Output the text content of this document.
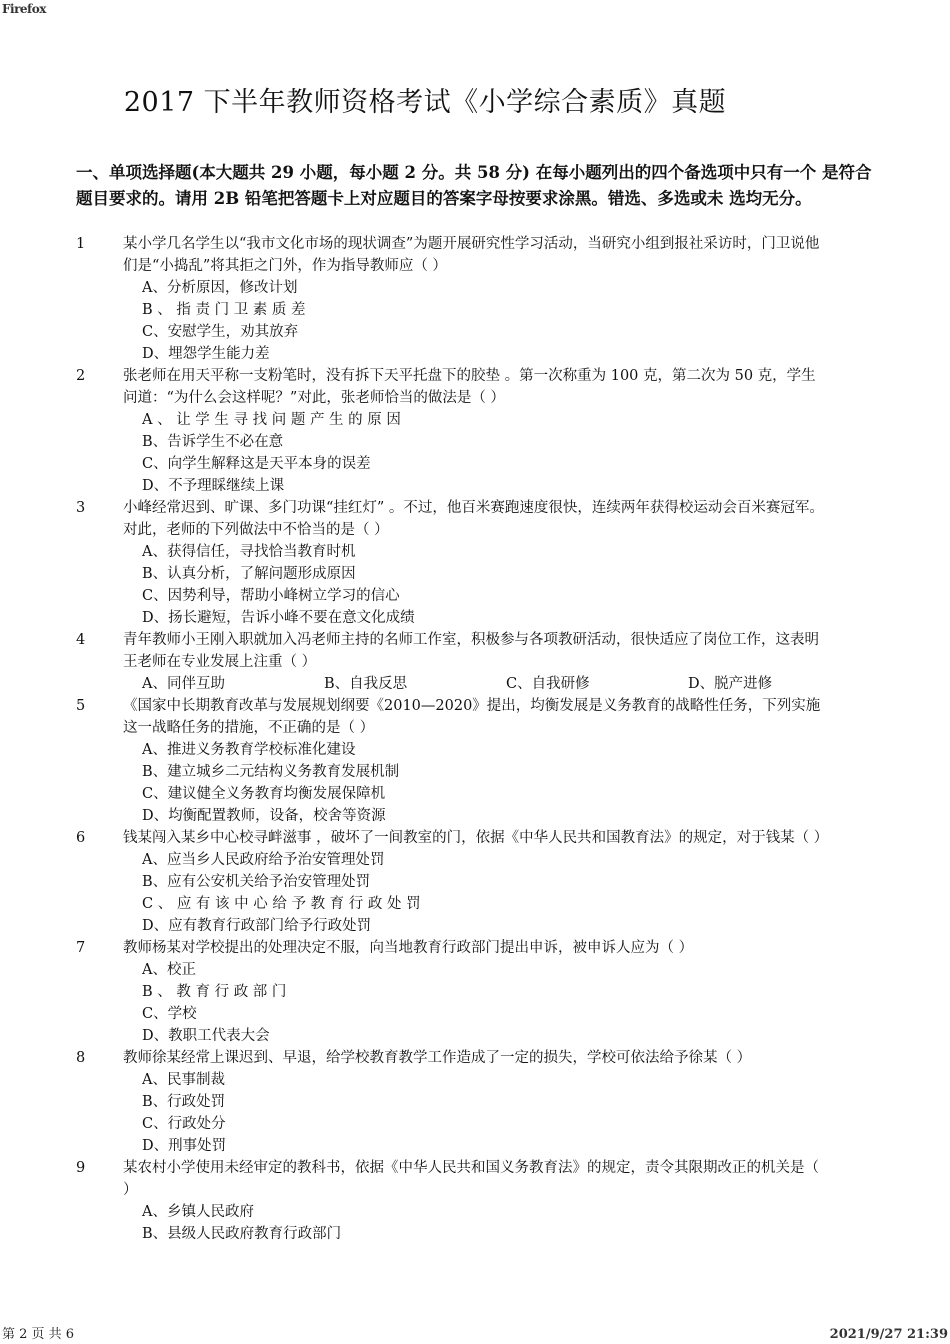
Firefox
2017 下半年教师资格考试《小学综合素质》真题
一、单项选择题(本大题共 29 小题，每小题 2 分。共 58 分) 在每小题列出的四个备选项中只有一个 是符合题目要求的。请用 2B 铅笔把答题卡上对应题目的答案字母按要求涂黑。错选、多选或未 选均无分。
1	某小学几名学生以“我市文化市场的现状调查”为题开展研究性学习活动，当研究小组到报社采访时，门卫说他们是“小捣乱”将其拒之门外，作为指导教师应（ ）
A、分析原因，修改计划
B 、 指 责 门 卫 素 质 差
C、安慰学生，劝其放弃
D、埋怨学生能力差
2	张老师在用天平称一支粉笔时，没有拆下天平托盘下的胶垫 。第一次称重为 100 克，第二次为 50 克，学生问道：“为什么会这样呢？”对此，张老师恰当的做法是（ ）
A 、 让 学 生 寻 找 问 题 产 生 的 原 因
B、告诉学生不必在意
C、向学生解释这是天平本身的误差
D、不予理睬继续上课
3	小峰经常迟到、旷课、多门功课“挂红灯” 。不过，他百米赛跑速度很快，连续两年获得校运动会百米赛冠军。对此，老师的下列做法中不恰当的是（ ）
A、获得信任，寻找恰当教育时机
B、认真分析，了解问题形成原因
C、因势利导，帮助小峰树立学习的信心
D、扬长避短，告诉小峰不要在意文化成绩
4	青年教师小王刚入职就加入冯老师主持的名师工作室，积极参与各项教研活动，很快适应了岗位工作，这表明王老师在专业发展上注重（ ）
A、同伴互助	B、自我反思	C、自我研修	D、脱产进修
5	《国家中长期教育改革与发展规划纲要《2010—2020》提出，均衡发展是义务教育的战略性任务，下列实施这一战略任务的措施，不正确的是（ ）
A、推进义务教育学校标准化建设
B、建立城乡二元结构义务教育发展机制
C、建议健全义务教育均衡发展保障机
D、均衡配置教师，设备，校舍等资源
6	钱某闯入某乡中心校寻衅滋事 ，破坏了一间教室的门，依据《中华人民共和国教育法》的规定，对于钱某（ ）
A、应当乡人民政府给予治安管理处罚
B、应有公安机关给予治安管理处罚
C 、 应 有 该 中 心 给 予 教 育 行 政 处 罚
D、应有教育行政部门给予行政处罚
7	教师杨某对学校提出的处理决定不服，向当地教育行政部门提出申诉，被申诉人应为（ ）
A、校正
B 、 教 育 行 政 部 门
C、学校
D、教职工代表大会
8	教师徐某经常上课迟到、早退，给学校教育教学工作造成了一定的损失，学校可依法给予徐某（ ）
A、民事制裁
B、行政处罚
C、行政处分
D、刑事处罚
9	某农村小学使用未经审定的教科书，依据《中华人民共和国义务教育法》的规定，责令其限期改正的机关是（ ）
A、乡镇人民政府
B、县级人民政府教育行政部门
第 2 页 共 6	2021/9/27 21:39
